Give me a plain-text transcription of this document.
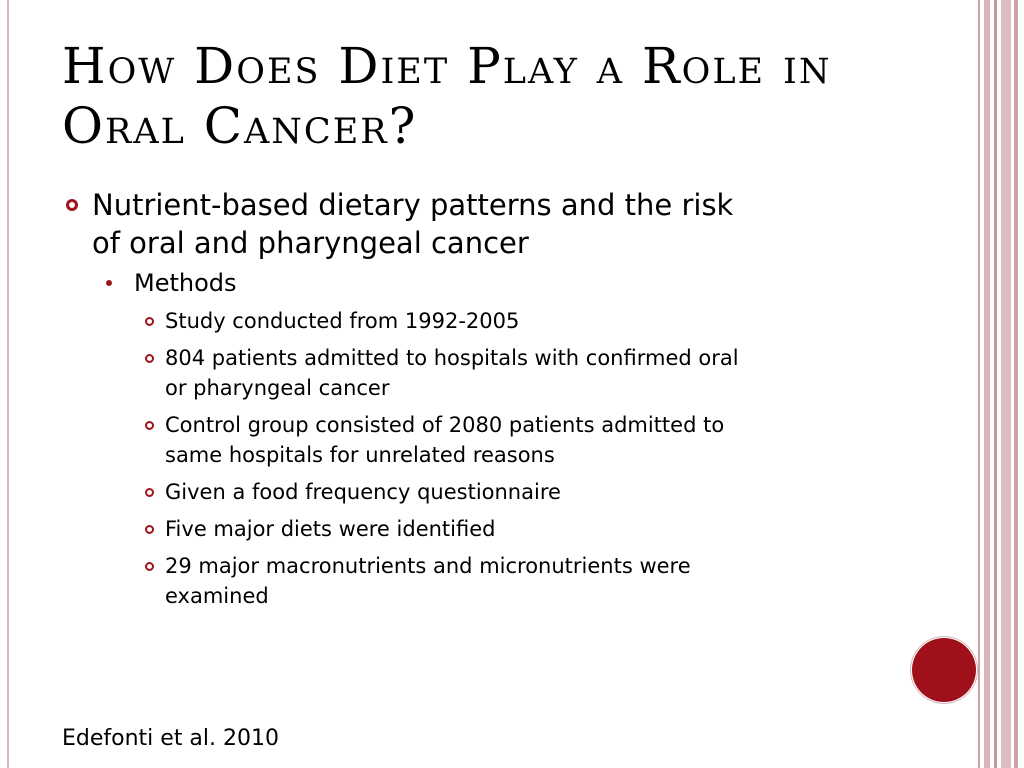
How Does Diet Play a Role in
Oral Cancer?
Nutrient-based dietary patterns and the risk
of oral and pharyngeal cancer
Methods
Study conducted from 1992-2005
804 patients admitted to hospitals with confirmed oral
or pharyngeal cancer
Control group consisted of 2080 patients admitted to
same hospitals for unrelated reasons
Given a food frequency questionnaire
Five major diets were identified
29 major macronutrients and micronutrients were
examined
Edefonti et al. 2010
